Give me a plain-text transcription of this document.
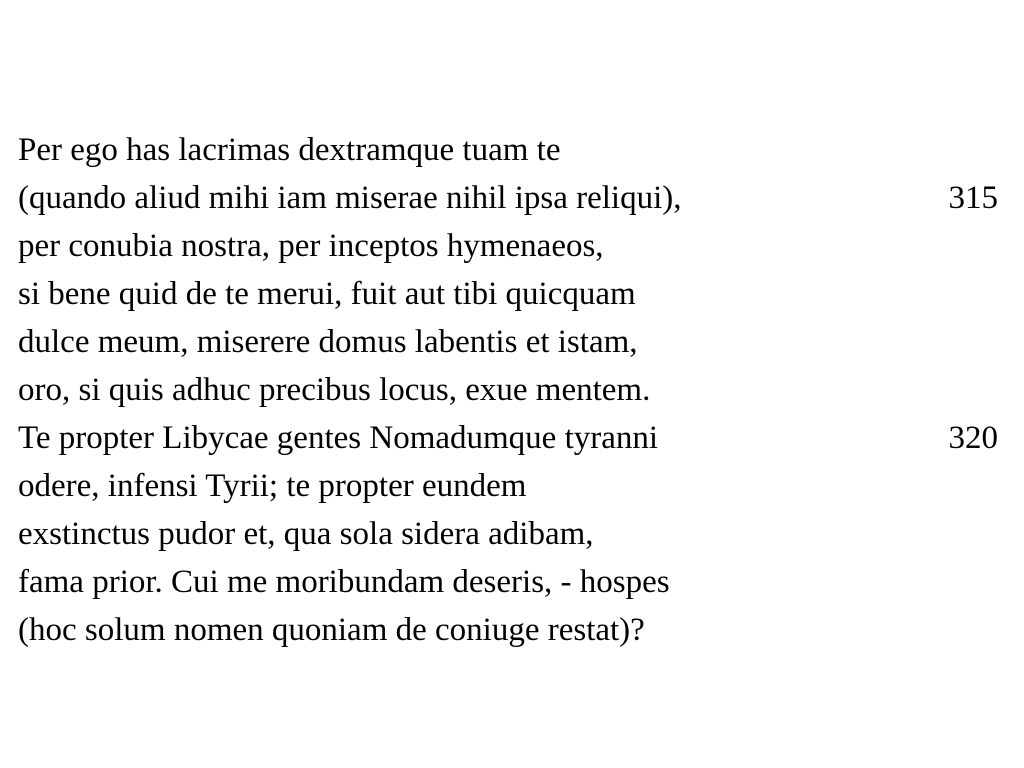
Per ego has lacrimas dextramque tuam te
(quando aliud mihi iam miserae nihil ipsa reliqui),	315
per conubia nostra, per inceptos hymenaeos,
si bene quid de te merui, fuit aut tibi quicquam
dulce meum, miserere domus labentis et istam,
oro, si quis adhuc precibus locus, exue mentem.
Te propter Libycae gentes Nomadumque tyranni	320
odere, infensi Tyrii; te propter eundem
exstinctus pudor et, qua sola sidera adibam,
fama prior. Cui me moribundam deseris, - hospes
(hoc solum nomen quoniam de coniuge restat)?
